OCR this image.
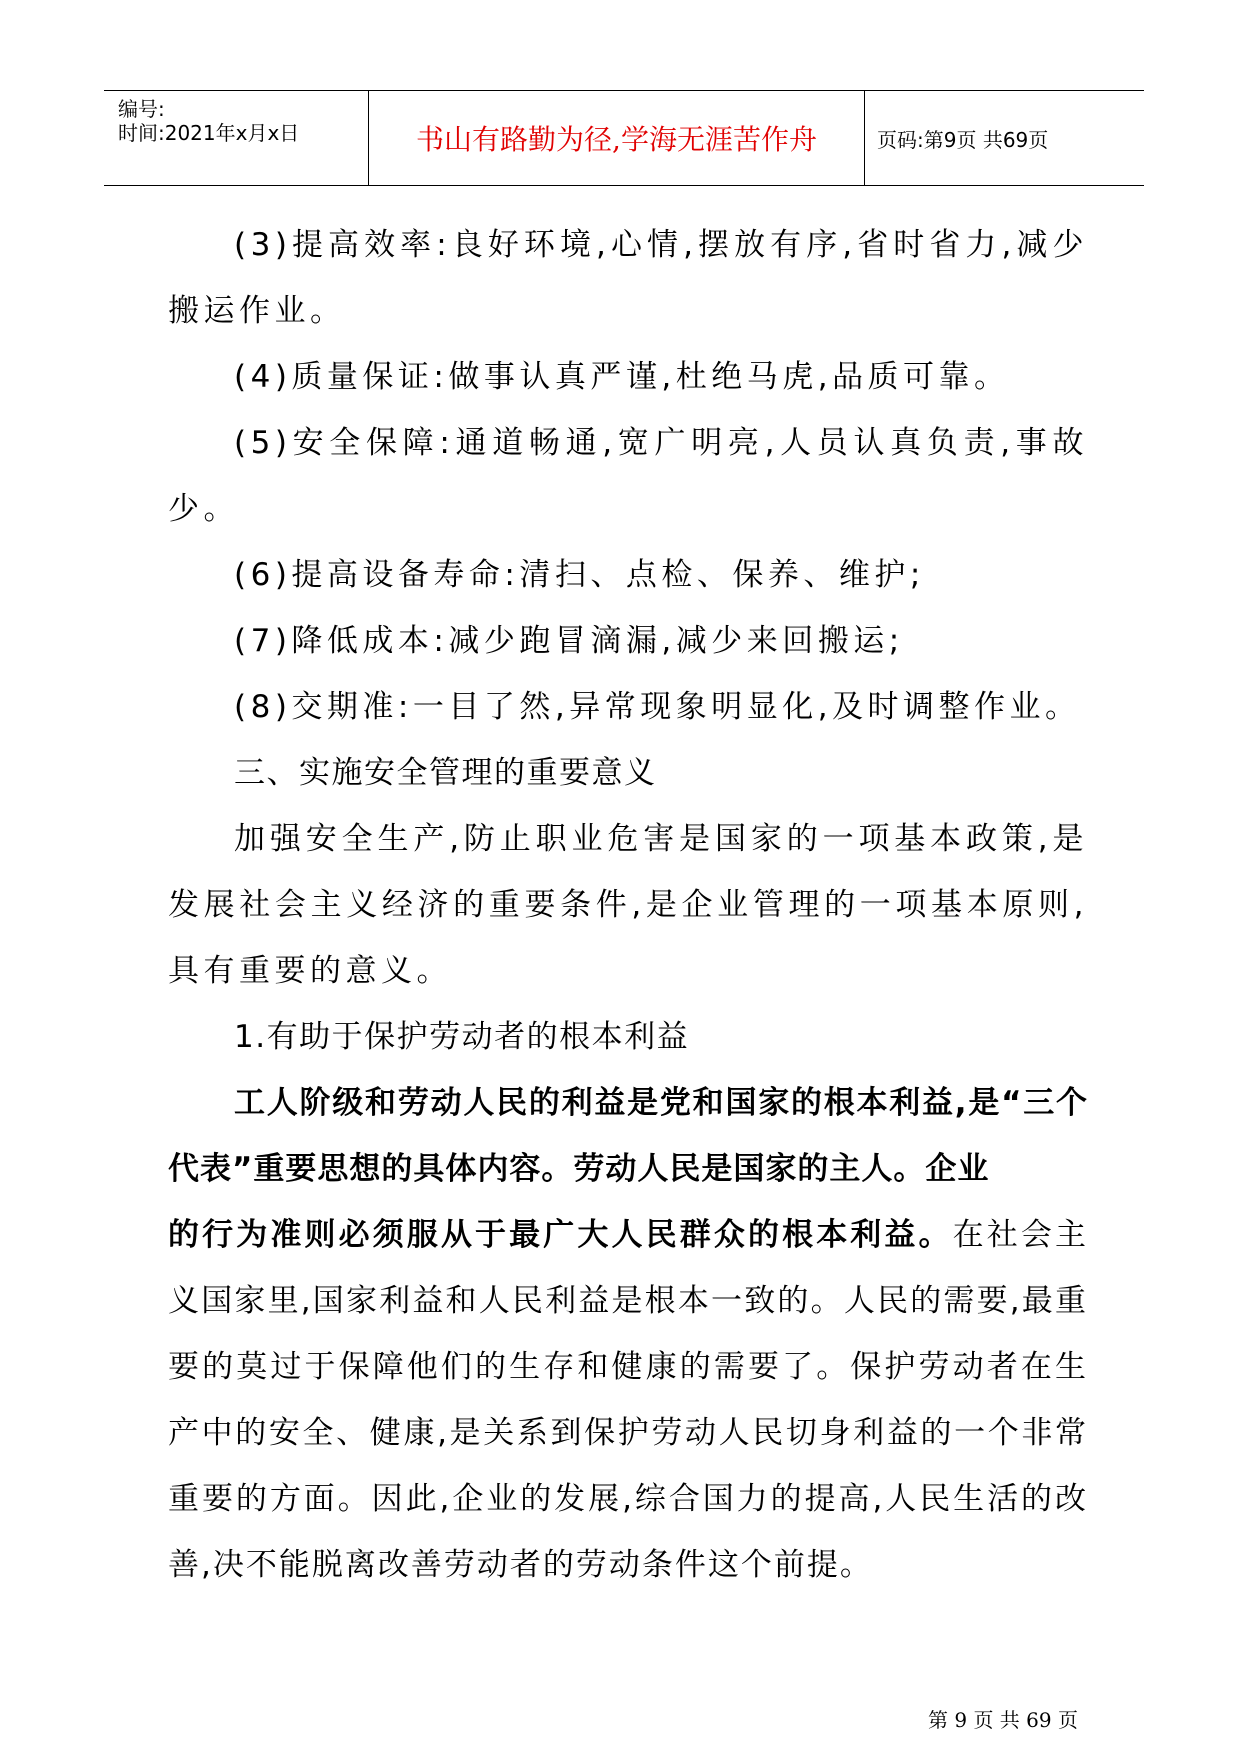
编号:
时间:2021年x月x日	书山有路勤为径,学海无涯苦作舟	页码:第9页 共69页

(3)提高效率:良好环境,心情,摆放有序,省时省力,减少搬运作业。

(4)质量保证:做事认真严谨,杜绝马虎,品质可靠。

(5)安全保障:通道畅通,宽广明亮,人员认真负责,事故少。

(6)提高设备寿命:清扫、点检、保养、维护;

(7)降低成本:减少跑冒滴漏,减少来回搬运;

(8)交期准:一目了然,异常现象明显化,及时调整作业。

三、实施安全管理的重要意义

加强安全生产,防止职业危害是国家的一项基本政策,是发展社会主义经济的重要条件,是企业管理的一项基本原则,具有重要的意义。

1.有助于保护劳动者的根本利益

工人阶级和劳动人民的利益是党和国家的根本利益,是“三个代表”重要思想的具体内容。劳动人民是国家的主人。企业

的行为准则必须服从于最广大人民群众的根本利益。在社会主义国家里,国家利益和人民利益是根本一致的。人民的需要,最重要的莫过于保障他们的生存和健康的需要了。保护劳动者在生产中的安全、健康,是关系到保护劳动人民切身利益的一个非常重要的方面。因此,企业的发展,综合国力的提高,人民生活的改善,决不能脱离改善劳动者的劳动条件这个前提。

第 9 页 共 69 页
